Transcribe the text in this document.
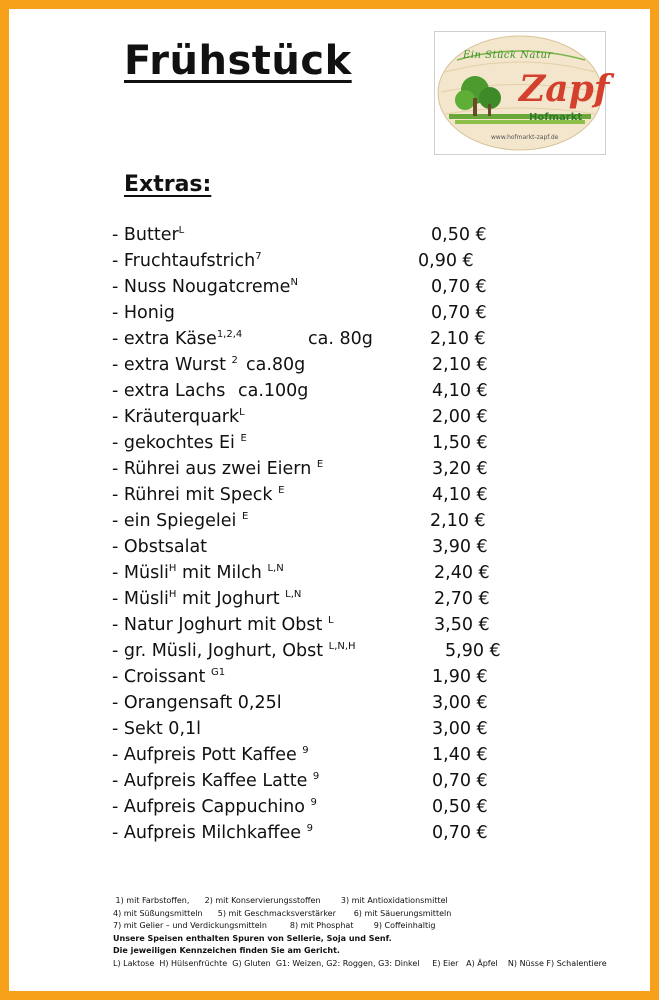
Frühstück	Ein Stück Natur
Zapf
Hofmarkt
www.hofmarkt-zapf.de
Extras:
- Butter$^L$	0,50 €
- Fruchtaufstrich$^7$	0,90 €
- Nuss Nougatcreme$^N$	0,70 €
- Honig	0,70 €
- extra Käse$^{1,2,4}$	ca. 80g	2,10 €
- extra Wurst $^2$ ca.80g	2,10 €
- extra Lachs ca.100g	4,10 €
- Kräuterquark$^L$	2,00 €
- gekochtes Ei $^E$	1,50 €
- Rührei aus zwei Eiern $^E$	3,20 €
- Rührei mit Speck $^E$	4,10 €
- ein Spiegelei $^E$	2,10 €
- Obstsalat	3,90 €
- Müsli$^H$ mit Milch $^{L,N}$	2,40 €
- Müsli$^H$ mit Joghurt $^{L,N}$	2,70 €
- Natur Joghurt mit Obst $^L$	3,50 €
- gr. Müsli, Joghurt, Obst $^{L,N,H}$	5,90 €
- Croissant $^{G1}$	1,90 €
- Orangensaft 0,25l	3,00 €
- Sekt 0,1l	3,00 €
- Aufpreis Pott Kaffee $^9$	1,40 €
- Aufpreis Kaffee Latte $^9$	0,70 €
- Aufpreis Cappuchino $^9$	0,50 €
- Aufpreis Milchkaffee $^9$	0,70 €
1) mit Farbstoffen,      2) mit Konservierungsstoffen        3) mit Antioxidationsmittel
4) mit Süßungsmitteln      5) mit Geschmacksverstärker       6) mit Säuerungsmitteln
7) mit Gelier – und Verdickungsmitteln         8) mit Phosphat        9) Coffeinhaltig
Unsere Speisen enthalten Spuren von Sellerie, Soja und Senf.
Die jeweiligen Kennzeichen finden Sie am Gericht.
L) Laktose  H) Hülsenfrüchte  G) Gluten  G1: Weizen, G2: Roggen, G3: Dinkel     E) Eier   A) Äpfel    N) Nüsse F) Schalentiere
